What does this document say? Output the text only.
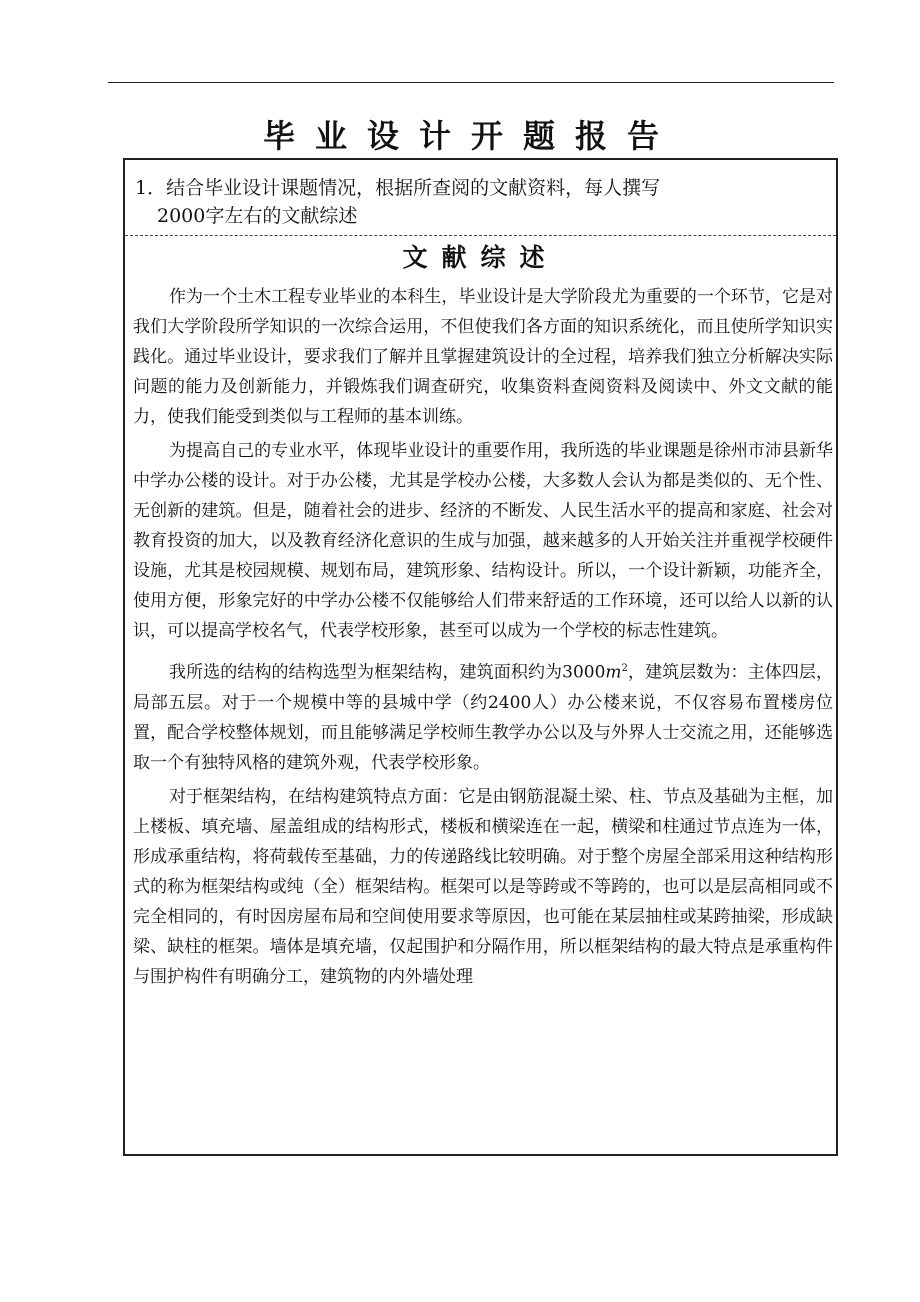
毕业设计开题报告
1．结合毕业设计课题情况，根据所查阅的文献资料，每人撰写
2000字左右的文献综述
文献综述

作为一个土木工程专业毕业的本科生，毕业设计是大学阶段尤为重要的一个环节，它是对我们大学阶段所学知识的一次综合运用，不但使我们各方面的知识系统化，而且使所学知识实践化。通过毕业设计，要求我们了解并且掌握建筑设计的全过程，培养我们独立分析解决实际问题的能力及创新能力，并锻炼我们调查研究，收集资料查阅资料及阅读中、外文文献的能力，使我们能受到类似与工程师的基本训练。

为提高自己的专业水平，体现毕业设计的重要作用，我所选的毕业课题是徐州市沛县新华中学办公楼的设计。对于办公楼，尤其是学校办公楼，大多数人会认为都是类似的、无个性、无创新的建筑。但是，随着社会的进步、经济的不断发、人民生活水平的提高和家庭、社会对教育投资的加大，以及教育经济化意识的生成与加强，越来越多的人开始关注并重视学校硬件设施，尤其是校园规模、规划布局，建筑形象、结构设计。所以，一个设计新颖，功能齐全，使用方便，形象完好的中学办公楼不仅能够给人们带来舒适的工作环境，还可以给人以新的认识，可以提高学校名气，代表学校形象，甚至可以成为一个学校的标志性建筑。

我所选的结构的结构选型为框架结构，建筑面积约为$3000m^2$，建筑层数为：主体四层，局部五层。对于一个规模中等的县城中学（约2400人）办公楼来说，不仅容易布置楼房位置，配合学校整体规划，而且能够满足学校师生教学办公以及与外界人士交流之用，还能够选取一个有独特风格的建筑外观，代表学校形象。

对于框架结构，在结构建筑特点方面：它是由钢筋混凝土梁、柱、节点及基础为主框，加上楼板、填充墙、屋盖组成的结构形式，楼板和横梁连在一起，横梁和柱通过节点连为一体，形成承重结构，将荷载传至基础，力的传递路线比较明确。对于整个房屋全部采用这种结构形式的称为框架结构或纯（全）框架结构。框架可以是等跨或不等跨的，也可以是层高相同或不完全相同的，有时因房屋布局和空间使用要求等原因，也可能在某层抽柱或某跨抽梁，形成缺梁、缺柱的框架。墙体是填充墙，仅起围护和分隔作用，所以框架结构的最大特点是承重构件与围护构件有明确分工，建筑物的内外墙处理
